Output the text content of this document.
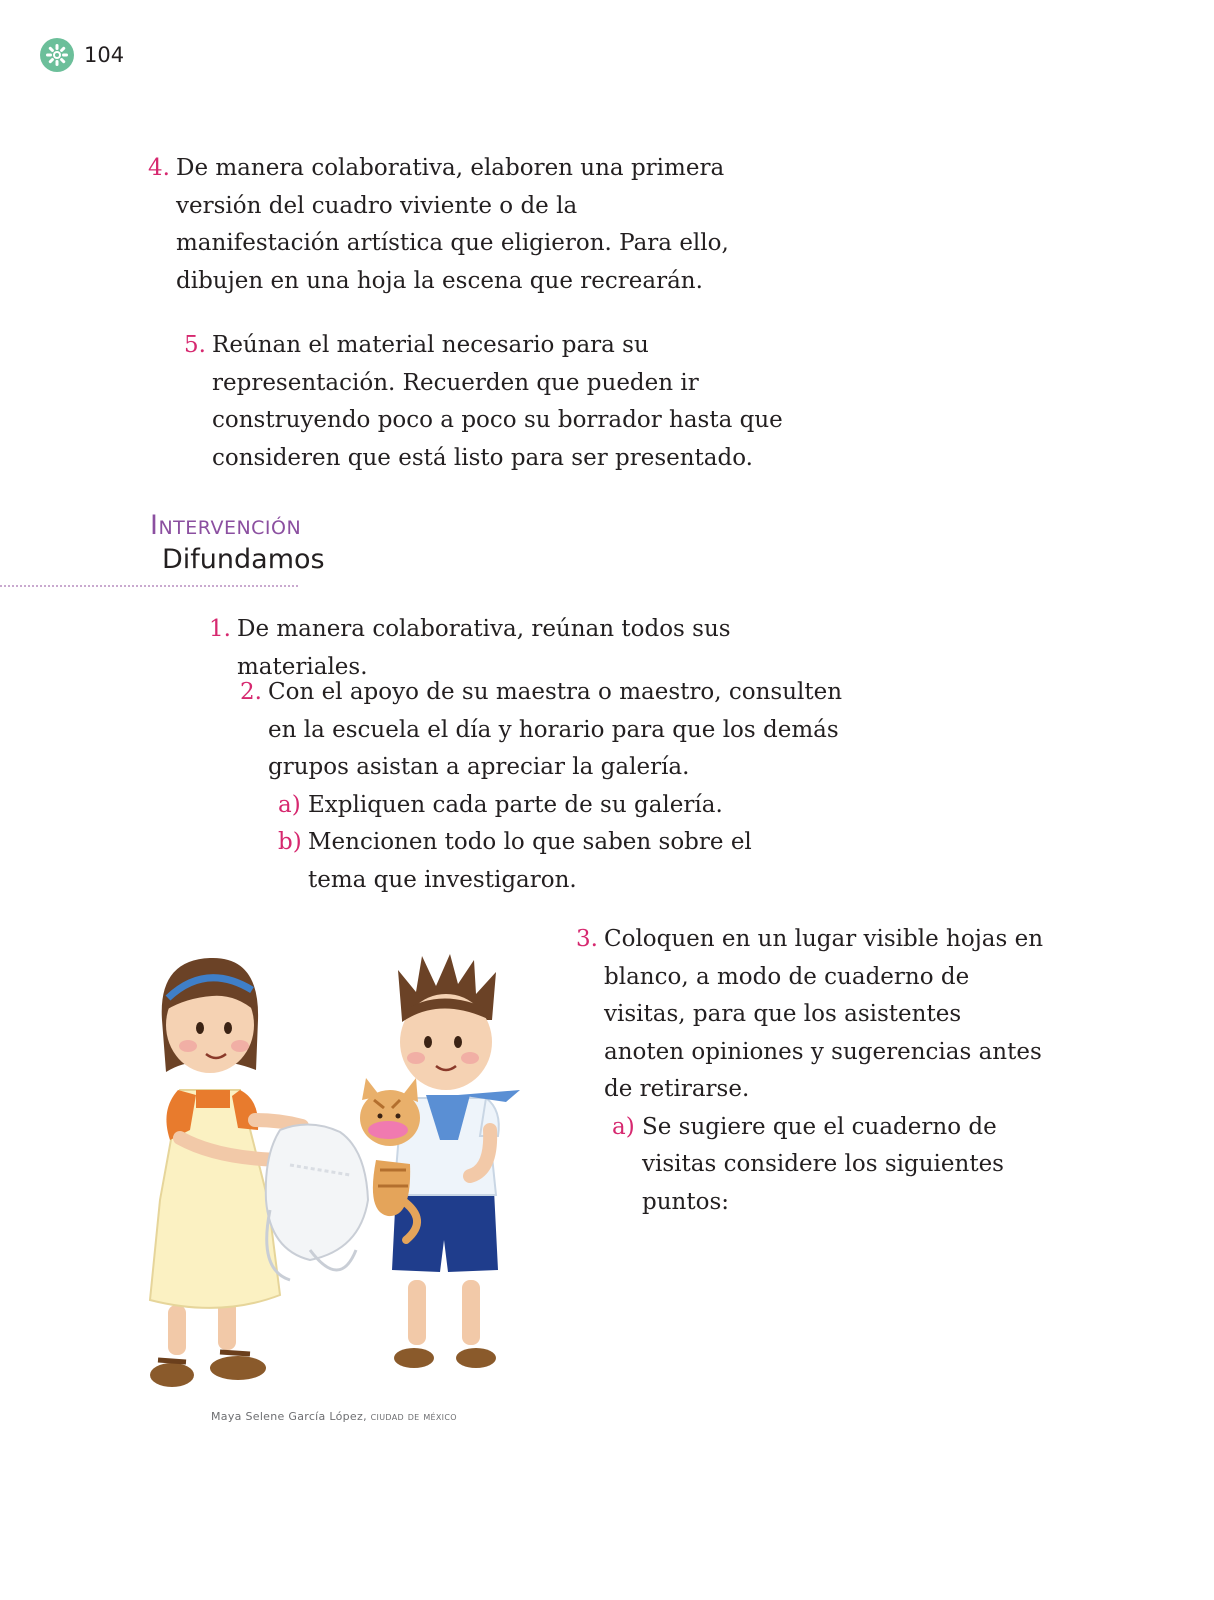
104
4. De manera colaborativa, elaboren una primera versión del cuadro viviente o de la manifestación artística que eligieron. Para ello, dibujen en una hoja la escena que recrearán.

5. Reúnan el material necesario para su representación. Recuerden que pueden ir construyendo poco a poco su borrador hasta que consideren que está listo para ser presentado.

Intervención
Difundamos
1. De manera colaborativa, reúnan todos sus materiales.

2. Con el apoyo de su maestra o maestro, consulten en la escuela el día y horario para que los demás grupos asistan a apreciar la galería.

a) Expliquen cada parte de su galería.

b) Mencionen todo lo que saben sobre el tema que investigaron.

3. Coloquen en un lugar visible hojas en blanco, a modo de cuaderno de visitas, para que los asistentes anoten opiniones y sugerencias antes de retirarse.

a) Se sugiere que el cuaderno de visitas considere los siguientes puntos:

Maya Selene García López, ciudad de méxico
